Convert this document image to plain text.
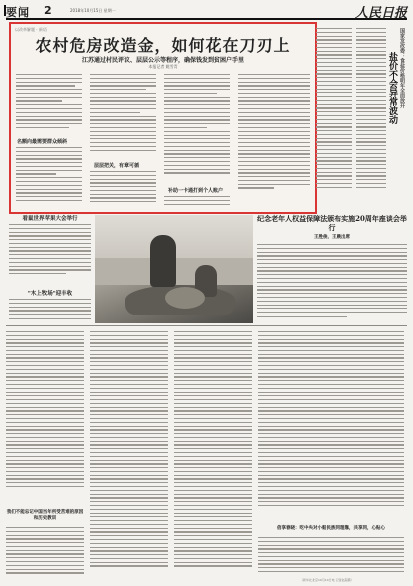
要闻 2	2018年10月15日 星期一	人民日报
以改革解题 · 新语
农村危房改造金，如何花在刀刃上
江苏通过村民评议、层层公示等程序，确保钱发到贫困户手里
本报记者 姚雪青
名额向最需要群众倾斜
层层把关，有章可循
补助一卡通打到个人账户
盐价不会异常波动 国家发改委：食盐价格明年全面放开
看鼠世界苹果大会举行
"木上牧场"迎丰收
纪念老年人权益保障法颁布实施20周年座谈会举行
王胜俊、王晨出席
我们不能忘记中国当年所受苦难的原因和历史教训
倍享春晓：吃中央对小船民族同理靠，共享同，心贴心
（新华社北京10月14日电 记者赵超霸）
